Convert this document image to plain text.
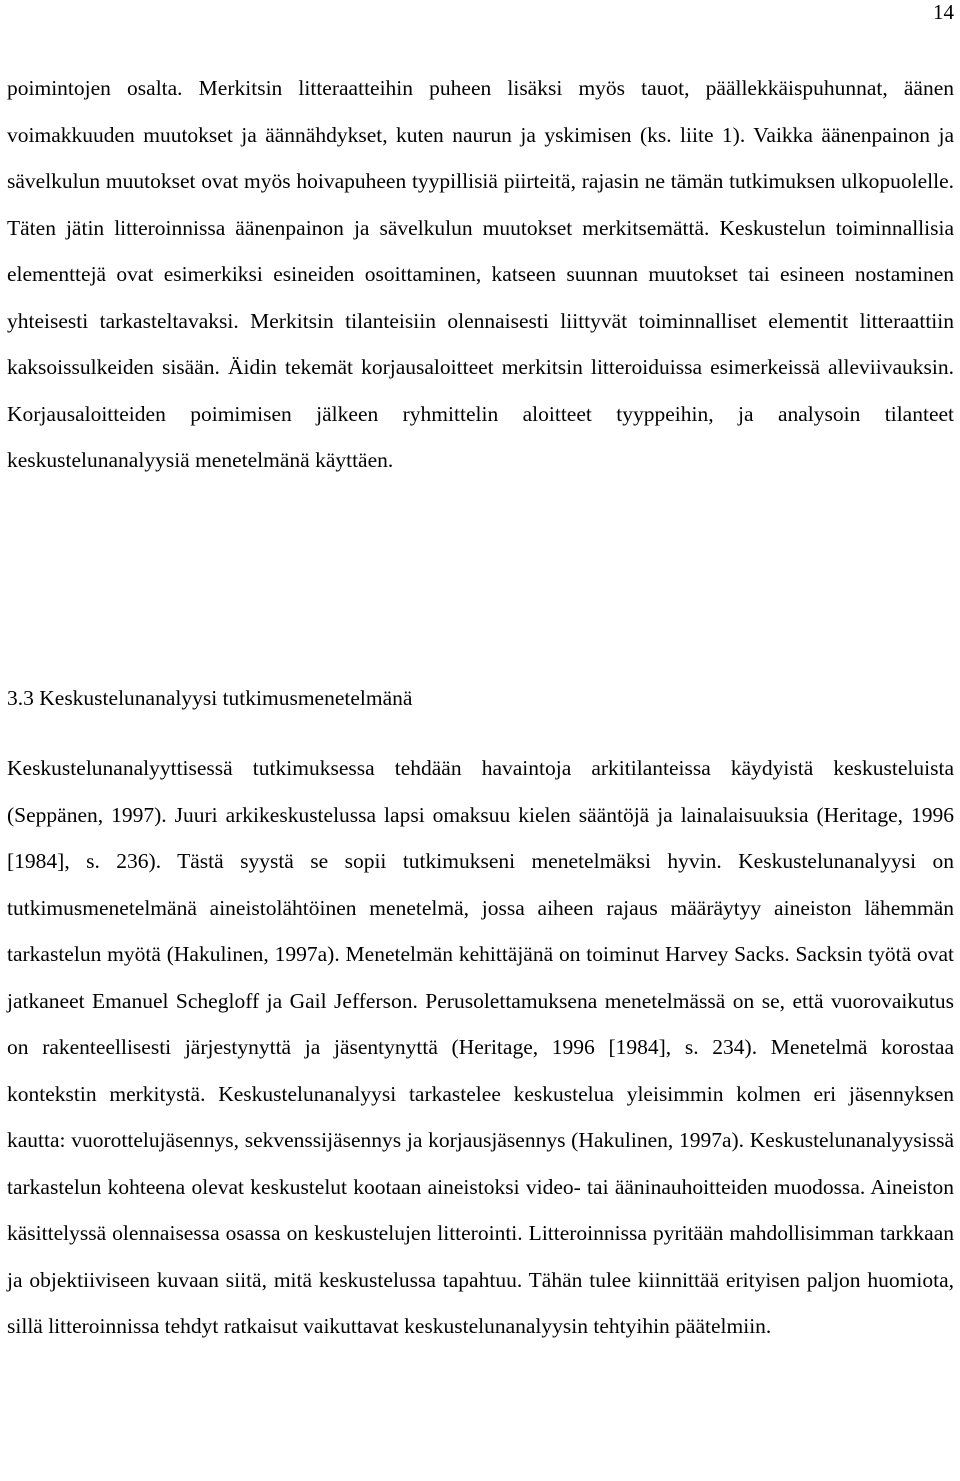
14

poimintojen osalta. Merkitsin litteraatteihin puheen lisäksi myös tauot, päällekkäispuhunnat, äänen voimakkuuden muutokset ja äännähdykset, kuten naurun ja yskimisen (ks. liite 1). Vaikka äänenpainon ja sävelkulun muutokset ovat myös hoivapuheen tyypillisiä piirteitä, rajasin ne tämän tutkimuksen ulkopuolelle. Täten jätin litteroinnissa äänenpainon ja sävelkulun muutokset merkitsemättä. Keskustelun toiminnallisia elementtejä ovat esimerkiksi esineiden osoittaminen, katseen suunnan muutokset tai esineen nostaminen yhteisesti tarkasteltavaksi. Merkitsin tilanteisiin olennaisesti liittyvät toiminnalliset elementit litteraattiin kaksoissulkeiden sisään. Äidin tekemät korjausaloitteet merkitsin litteroiduissa esimerkeissä alleviivauksin. Korjausaloitteiden poimimisen jälkeen ryhmittelin aloitteet tyyppeihin, ja analysoin tilanteet keskustelunanalyysiä menetelmänä käyttäen.

3.3 Keskustelunanalyysi tutkimusmenetelmänä

Keskustelunanalyyttisessä tutkimuksessa tehdään havaintoja arkitilanteissa käydyistä keskusteluista (Seppänen, 1997). Juuri arkikeskustelussa lapsi omaksuu kielen sääntöjä ja lainalaisuuksia (Heritage, 1996 [1984], s. 236). Tästä syystä se sopii tutkimukseni menetelmäksi hyvin. Keskustelunanalyysi on tutkimusmenetelmänä aineistolähtöinen menetelmä, jossa aiheen rajaus määräytyy aineiston lähemmän tarkastelun myötä (Hakulinen, 1997a). Menetelmän kehittäjänä on toiminut Harvey Sacks. Sacksin työtä ovat jatkaneet Emanuel Schegloff ja Gail Jefferson. Perusolettamuksena menetelmässä on se, että vuorovaikutus on rakenteellisesti järjestynyttä ja jäsentynyttä (Heritage, 1996 [1984], s. 234). Menetelmä korostaa kontekstin merkitystä. Keskustelunanalyysi tarkastelee keskustelua yleisimmin kolmen eri jäsennyksen kautta: vuorottelujäsennys, sekvenssijäsennys ja korjausjäsennys (Hakulinen, 1997a). Keskustelunanalyysissä tarkastelun kohteena olevat keskustelut kootaan aineistoksi video- tai ääninauhoitteiden muodossa. Aineiston käsittelyssä olennaisessa osassa on keskustelujen litterointi. Litteroinnissa pyritään mahdollisimman tarkkaan ja objektiiviseen kuvaan siitä, mitä keskustelussa tapahtuu. Tähän tulee kiinnittää erityisen paljon huomiota, sillä litteroinnissa tehdyt ratkaisut vaikuttavat keskustelunanalyysin tehtyihin päätelmiin.
